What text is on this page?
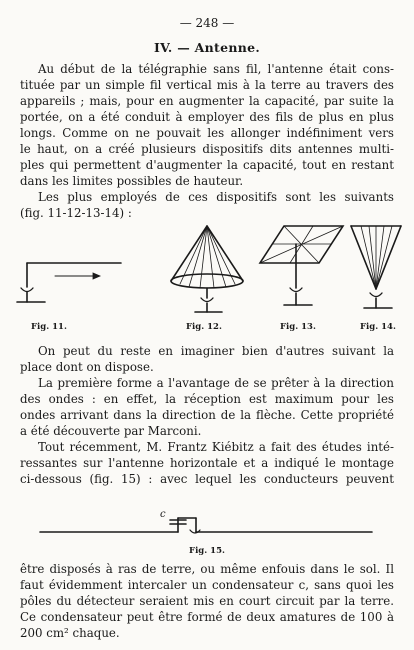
— 248 —
IV. — Antenne.
Au début de la télégraphie sans fil, l'antenne était cons-
tituée par un simple fil vertical mis à la terre au travers des
appareils ; mais, pour en augmenter la capacité, par suite la
portée, on a été conduit à employer des fils de plus en plus
longs. Comme on ne pouvait les allonger indéfiniment vers
le haut, on a créé plusieurs dispositifs dits antennes multi-
ples qui permettent d'augmenter la capacité, tout en restant
dans les limites possibles de hauteur.
Les plus employés de ces dispositifs sont les suivants
(fig. 11-12-13-14) :
Fig. 11.	Fig. 12.	Fig. 13.	Fig. 14.
On peut du reste en imaginer bien d'autres suivant la
place dont on dispose.
La première forme a l'avantage de se prêter à la direction
des ondes : en effet, la réception est maximum pour les
ondes arrivant dans la direction de la flèche. Cette propriété
a été découverte par Marconi.
Tout récemment, M. Frantz Kiébitz a fait des études inté-
ressantes sur l'antenne horizontale et a indiqué le montage
ci-dessous (fig. 15) : avec lequel les conducteurs peuvent
c
Fig. 15.
être disposés à ras de terre, ou même enfouis dans le sol. Il
faut évidemment intercaler un condensateur c, sans quoi les
pôles du détecteur seraient mis en court circuit par la terre.
Ce condensateur peut être formé de deux amatures de 100 à
200 cm² chaque.
